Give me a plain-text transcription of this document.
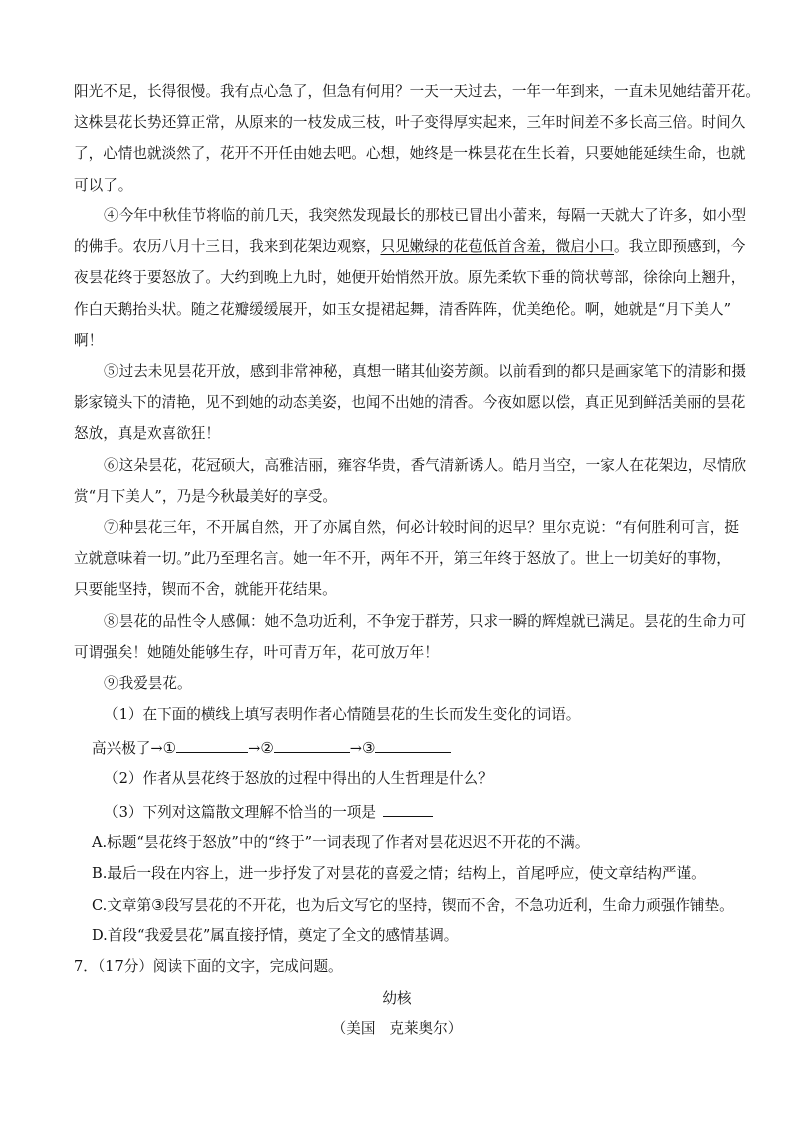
阳光不足，长得很慢。我有点心急了，但急有何用？一天一天过去，一年一年到来，一直未见她结蕾开花。
这株昙花长势还算正常，从原来的一枝发成三枝，叶子变得厚实起来，三年时间差不多长高三倍。时间久
了，心情也就淡然了，花开不开任由她去吧。心想，她终是一株昙花在生长着，只要她能延续生命，也就
可以了。
④今年中秋佳节将临的前几天，我突然发现最长的那枝已冒出小蕾来，每隔一天就大了许多，如小型
的佛手。农历八月十三日，我来到花架边观察，只见嫩绿的花苞低首含羞，微启小口。我立即预感到，今
夜昙花终于要怒放了。大约到晚上九时，她便开始悄然开放。原先柔软下垂的筒状萼部，徐徐向上翘升，
作白天鹅抬头状。随之花瓣缓缓展开，如玉女提裙起舞，清香阵阵，优美绝伦。啊，她就是“月下美人”
啊！
⑤过去未见昙花开放，感到非常神秘，真想一睹其仙姿芳颜。以前看到的都只是画家笔下的清影和摄
影家镜头下的清艳，见不到她的动态美姿，也闻不出她的清香。今夜如愿以偿，真正见到鲜活美丽的昙花
怒放，真是欢喜欲狂！
⑥这朵昙花，花冠硕大，高雅洁丽，雍容华贵，香气清新诱人。皓月当空，一家人在花架边，尽情欣
赏“月下美人”，乃是今秋最美好的享受。
⑦种昙花三年，不开属自然，开了亦属自然，何必计较时间的迟早？里尔克说：“有何胜利可言，挺
立就意味着一切。”此乃至理名言。她一年不开，两年不开，第三年终于怒放了。世上一切美好的事物，
只要能坚持，锲而不舍，就能开花结果。
⑧昙花的品性令人感佩：她不急功近利，不争宠于群芳，只求一瞬的辉煌就已满足。昙花的生命力可
可谓强矣！她随处能够生存，叶可青万年，花可放万年！
⑨我爱昙花。
（1）在下面的横线上填写表明作者心情随昙花的生长而发生变化的词语。
高兴极了→①	→②	→③
（2）作者从昙花终于怒放的过程中得出的人生哲理是什么？
（3）下列对这篇散文理解不恰当的一项是
A.标题“昙花终于怒放”中的“终于”一词表现了作者对昙花迟迟不开花的不满。
B.最后一段在内容上，进一步抒发了对昙花的喜爱之情；结构上，首尾呼应，使文章结构严谨。
C.文章第③段写昙花的不开花，也为后文写它的坚持，锲而不舍，不急功近利，生命力顽强作铺垫。
D.首段“我爱昙花”属直接抒情，奠定了全文的感情基调。
7．（17分）阅读下面的文字，完成问题。
幼核
（美国   克莱奥尔）
